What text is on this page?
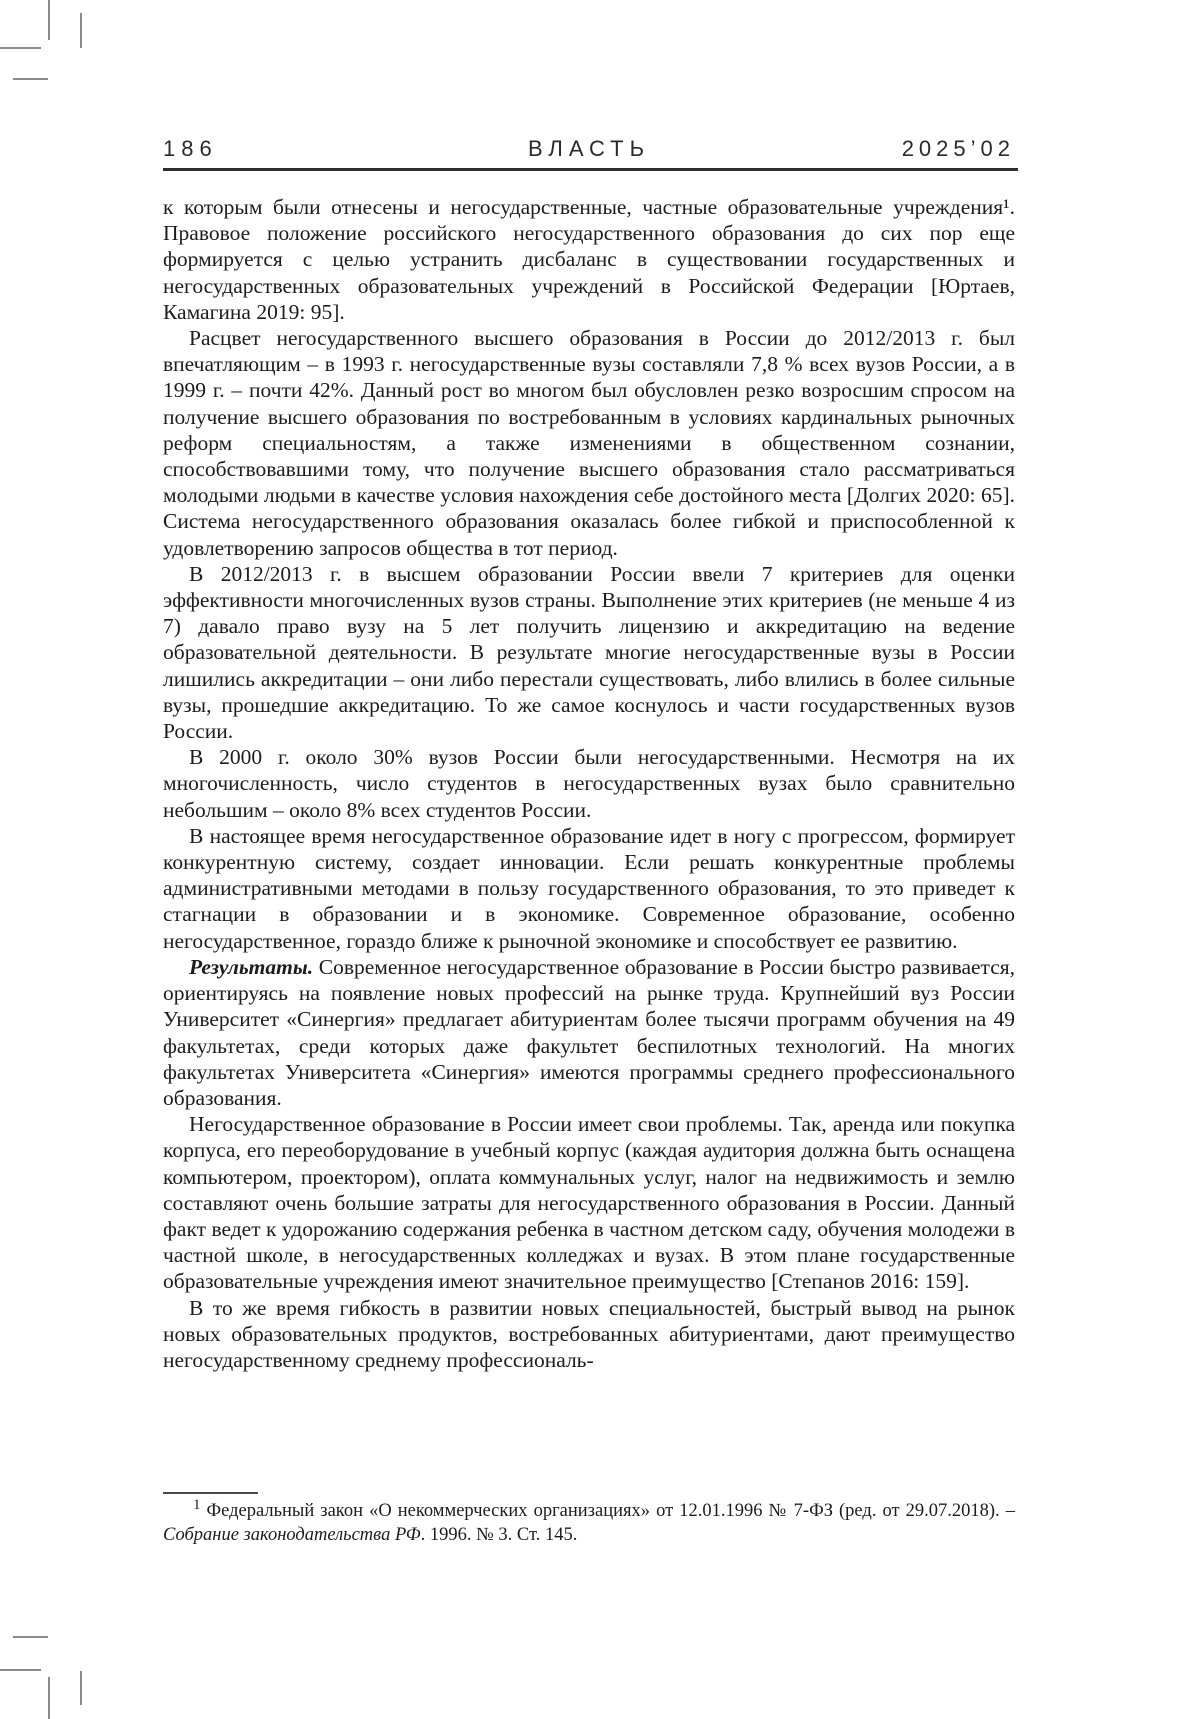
186	ВЛАСТЬ	2025’02

к которым были отнесены и негосударственные, частные образовательные учреждения¹. Правовое положение российского негосударственного образования до сих пор еще формируется с целью устранить дисбаланс в существовании государственных и негосударственных образовательных учреждений в Российской Федерации [Юртаев, Камагина 2019: 95].

Расцвет негосударственного высшего образования в России до 2012/2013 г. был впечатляющим – в 1993 г. негосударственные вузы составляли 7,8 % всех вузов России, а в 1999 г. – почти 42%. Данный рост во многом был обусловлен резко возросшим спросом на получение высшего образования по востребованным в условиях кардинальных рыночных реформ специальностям, а также изменениями в общественном сознании, способствовавшими тому, что получение высшего образования стало рассматриваться молодыми людьми в качестве условия нахождения себе достойного места [Долгих 2020: 65]. Система негосударственного образования оказалась более гибкой и приспособленной к удовлетворению запросов общества в тот период.

В 2012/2013 г. в высшем образовании России ввели 7 критериев для оценки эффективности многочисленных вузов страны. Выполнение этих критериев (не меньше 4 из 7) давало право вузу на 5 лет получить лицензию и аккредитацию на ведение образовательной деятельности. В результате многие негосударственные вузы в России лишились аккредитации – они либо перестали существовать, либо влились в более сильные вузы, прошедшие аккредитацию. То же самое коснулось и части государственных вузов России.

В 2000 г. около 30% вузов России были негосударственными. Несмотря на их многочисленность, число студентов в негосударственных вузах было сравнительно небольшим – около 8% всех студентов России.

В настоящее время негосударственное образование идет в ногу с прогрессом, формирует конкурентную систему, создает инновации. Если решать конкурентные проблемы административными методами в пользу государственного образования, то это приведет к стагнации в образовании и в экономике. Современное образование, особенно негосударственное, гораздо ближе к рыночной экономике и способствует ее развитию.

Результаты. Современное негосударственное образование в России быстро развивается, ориентируясь на появление новых профессий на рынке труда. Крупнейший вуз России Университет «Синергия» предлагает абитуриентам более тысячи программ обучения на 49 факультетах, среди которых даже факультет беспилотных технологий. На многих факультетах Университета «Синергия» имеются программы среднего профессионального образования.

Негосударственное образование в России имеет свои проблемы. Так, аренда или покупка корпуса, его переоборудование в учебный корпус (каждая аудитория должна быть оснащена компьютером, проектором), оплата коммунальных услуг, налог на недвижимость и землю составляют очень большие затраты для негосударственного образования в России. Данный факт ведет к удорожанию содержания ребенка в частном детском саду, обучения молодежи в частной школе, в негосударственных колледжах и вузах. В этом плане государственные образовательные учреждения имеют значительное преимущество [Степанов 2016: 159].

В то же время гибкость в развитии новых специальностей, быстрый вывод на рынок новых образовательных продуктов, востребованных абитуриентами, дают преимущество негосударственному среднему профессиональ-

$^1$ Федеральный закон «О некоммерческих организациях» от 12.01.1996 № 7-ФЗ (ред. от 29.07.2018). – Собрание законодательства РФ. 1996. № 3. Ст. 145.
